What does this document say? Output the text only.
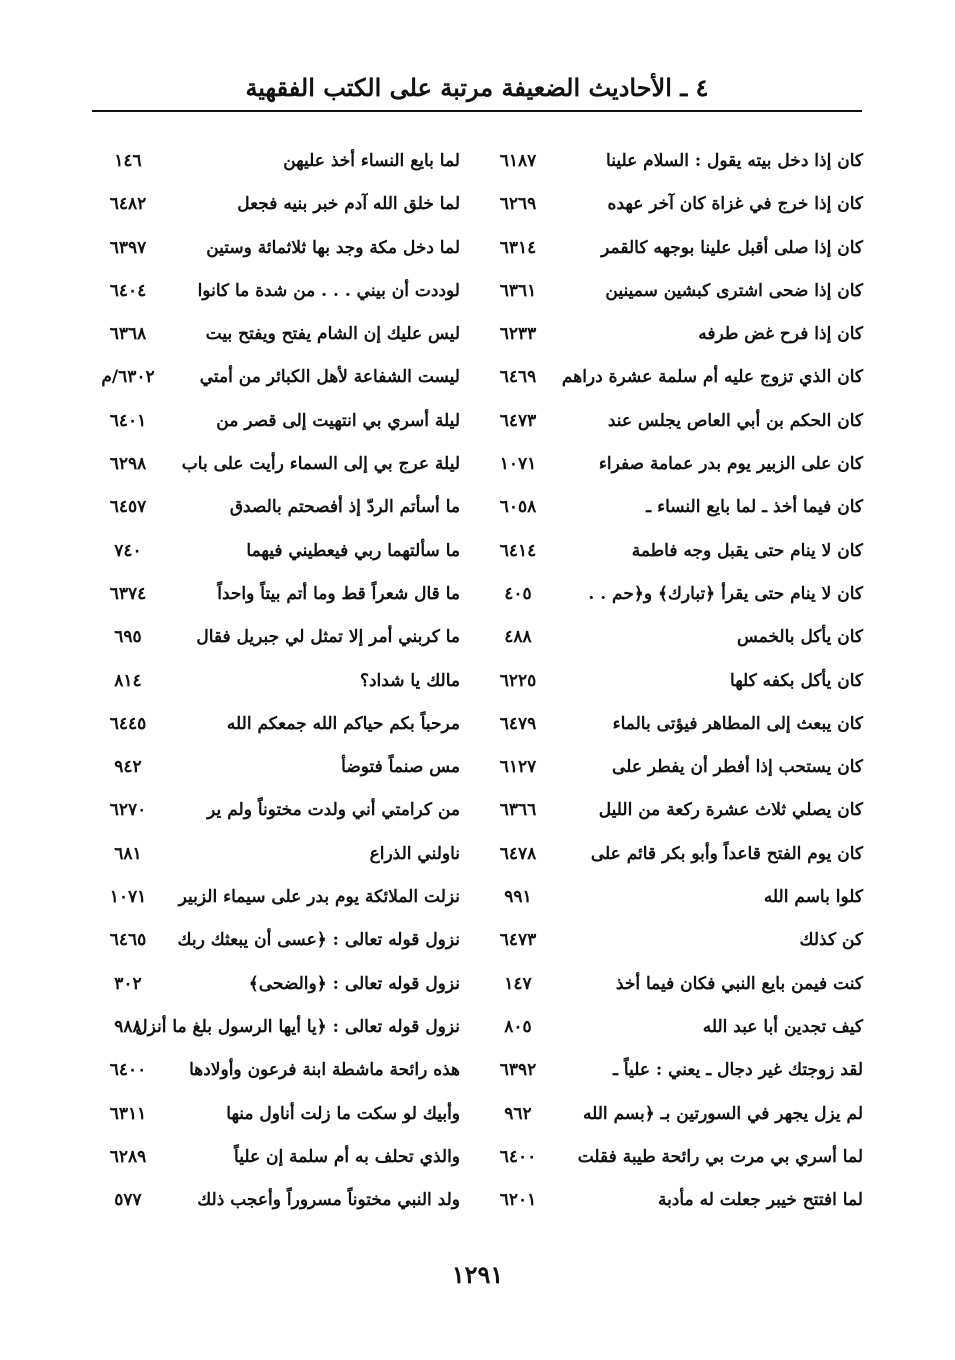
٤ ـ الأحاديث الضعيفة مرتبة على الكتب الفقهية
كان إذا دخل بيته يقول : السلام علينا
٦١٨٧
كان إذا خرج في غزاة كان آخر عهده
٦٢٦٩
كان إذا صلى أقبل علينا بوجهه كالقمر
٦٣١٤
كان إذا ضحى اشترى كبشين سمينين
٦٣٦١
كان إذا فرح غض طرفه
٦٢٣٣
كان الذي تزوج عليه أم سلمة عشرة دراهم
٦٤٦٩
كان الحكم بن أبي العاص يجلس عند
٦٤٧٣
كان على الزبير يوم بدر عمامة صفراء
١٠٧١
كان فيما أخذ ـ لما بايع النساء ـ
٦٠٥٨
كان لا ينام حتى يقبل وجه فاطمة
٦٤١٤
كان لا ينام حتى يقرأ ﴿تبارك﴾ و﴿حم . .
٤٠٥
كان يأكل بالخمس
٤٨٨
كان يأكل بكفه كلها
٦٢٢٥
كان يبعث إلى المطاهر فيؤتى بالماء
٦٤٧٩
كان يستحب إذا أفطر أن يفطر على
٦١٢٧
كان يصلي ثلاث عشرة ركعة من الليل
٦٣٦٦
كان يوم الفتح قاعداً وأبو بكر قائم على
٦٤٧٨
كلوا باسم الله
٩٩١
كن كذلك
٦٤٧٣
كنت فيمن بايع النبي فكان فيما أخذ
١٤٧
كيف تجدين أبا عبد الله
٨٠٥
لقد زوجتك غير دجال ـ يعني : علياً ـ
٦٣٩٢
لم يزل يجهر في السورتين بـ ﴿بسم الله
٩٦٢
لما أسري بي مرت بي رائحة طيبة فقلت
٦٤٠٠
لما افتتح خيبر جعلت له مأدبة
٦٢٠١
لما بايع النساء أخذ عليهن
١٤٦
لما خلق الله آدم خبر بنيه فجعل
٦٤٨٢
لما دخل مكة وجد بها ثلاثمائة وستين
٦٣٩٧
لوددت أن بيني . . . من شدة ما كانوا
٦٤٠٤
ليس عليك إن الشام يفتح ويفتح بيت
٦٣٦٨
ليست الشفاعة لأهل الكبائر من أمتي
٦٣٠٢/م
ليلة أسري بي انتهيت إلى قصر من
٦٤٠١
ليلة عرج بي إلى السماء رأيت على باب
٦٢٩٨
ما أسأتم الردّ إذ أفصحتم بالصدق
٦٤٥٧
ما سألتهما ربي فيعطيني فيهما
٧٤٠
ما قال شعراً قط وما أتم بيتاً واحداً
٦٣٧٤
ما كربني أمر إلا تمثل لي جبريل فقال
٦٩٥
مالك يا شداد؟
٨١٤
مرحباً بكم حياكم الله جمعكم الله
٦٤٤٥
مس صنماً فتوضأ
٩٤٢
من كرامتي أني ولدت مختوناً ولم ير
٦٢٧٠
ناولني الذراع
٦٨١
نزلت الملائكة يوم بدر على سيماء الزبير
١٠٧١
نزول قوله تعالى : ﴿عسى أن يبعثك ربك
٦٤٦٥
نزول قوله تعالى : ﴿والضحى﴾
٣٠٢
نزول قوله تعالى : ﴿يا أيها الرسول بلغ ما أنزل
٩٨٨
هذه رائحة ماشطة ابنة فرعون وأولادها
٦٤٠٠
وأبيك لو سكت ما زلت أناول منها
٦٣١١
والذي تحلف به أم سلمة إن علياً
٦٢٨٩
ولد النبي مختوناً مسروراً وأعجب ذلك
٥٧٧
١٢٩١
